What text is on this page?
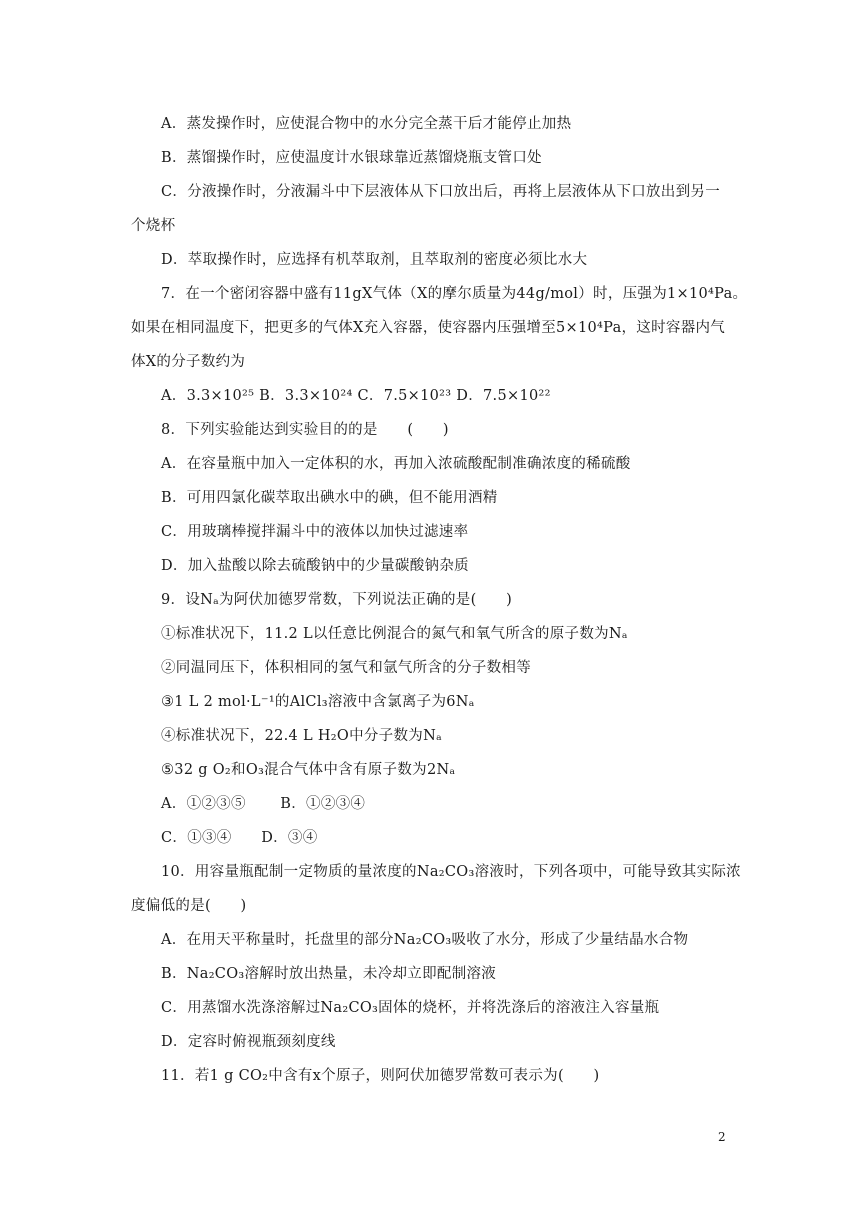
A．蒸发操作时，应使混合物中的水分完全蒸干后才能停止加热
B．蒸馏操作时，应使温度计水银球靠近蒸馏烧瓶支管口处
C．分液操作时，分液漏斗中下层液体从下口放出后，再将上层液体从下口放出到另一
个烧杯
D．萃取操作时，应选择有机萃取剂，且萃取剂的密度必须比水大
7．在一个密闭容器中盛有11gX气体（X的摩尔质量为44g/mol）时，压强为1×10⁴Pa。
如果在相同温度下，把更多的气体X充入容器，使容器内压强增至5×10⁴Pa，这时容器内气
体X的分子数约为
A．3.3×10²⁵ B．3.3×10²⁴ C．7.5×10²³ D．7.5×10²²
8．下列实验能达到实验目的的是　　(　　)
A．在容量瓶中加入一定体积的水，再加入浓硫酸配制准确浓度的稀硫酸
B．可用四氯化碳萃取出碘水中的碘，但不能用酒精
C．用玻璃棒搅拌漏斗中的液体以加快过滤速率
D．加入盐酸以除去硫酸钠中的少量碳酸钠杂质
9．设Nₐ为阿伏加德罗常数，下列说法正确的是(　　)
①标准状况下，11.2 L以任意比例混合的氮气和氧气所含的原子数为Nₐ
②同温同压下，体积相同的氢气和氩气所含的分子数相等
③1 L 2 mol·L⁻¹的AlCl₃溶液中含氯离子为6Nₐ
④标准状况下，22.4 L H₂O中分子数为Nₐ
⑤32 g O₂和O₃混合气体中含有原子数为2Nₐ
A．①②③⑤　　 B．①②③④
C．①③④　　D．③④
10．用容量瓶配制一定物质的量浓度的Na₂CO₃溶液时，下列各项中，可能导致其实际浓
度偏低的是(　　)
A．在用天平称量时，托盘里的部分Na₂CO₃吸收了水分，形成了少量结晶水合物
B．Na₂CO₃溶解时放出热量，未冷却立即配制溶液
C．用蒸馏水洗涤溶解过Na₂CO₃固体的烧杯，并将洗涤后的溶液注入容量瓶
D．定容时俯视瓶颈刻度线
11．若1 g CO₂中含有x个原子，则阿伏加德罗常数可表示为(　　)
2
